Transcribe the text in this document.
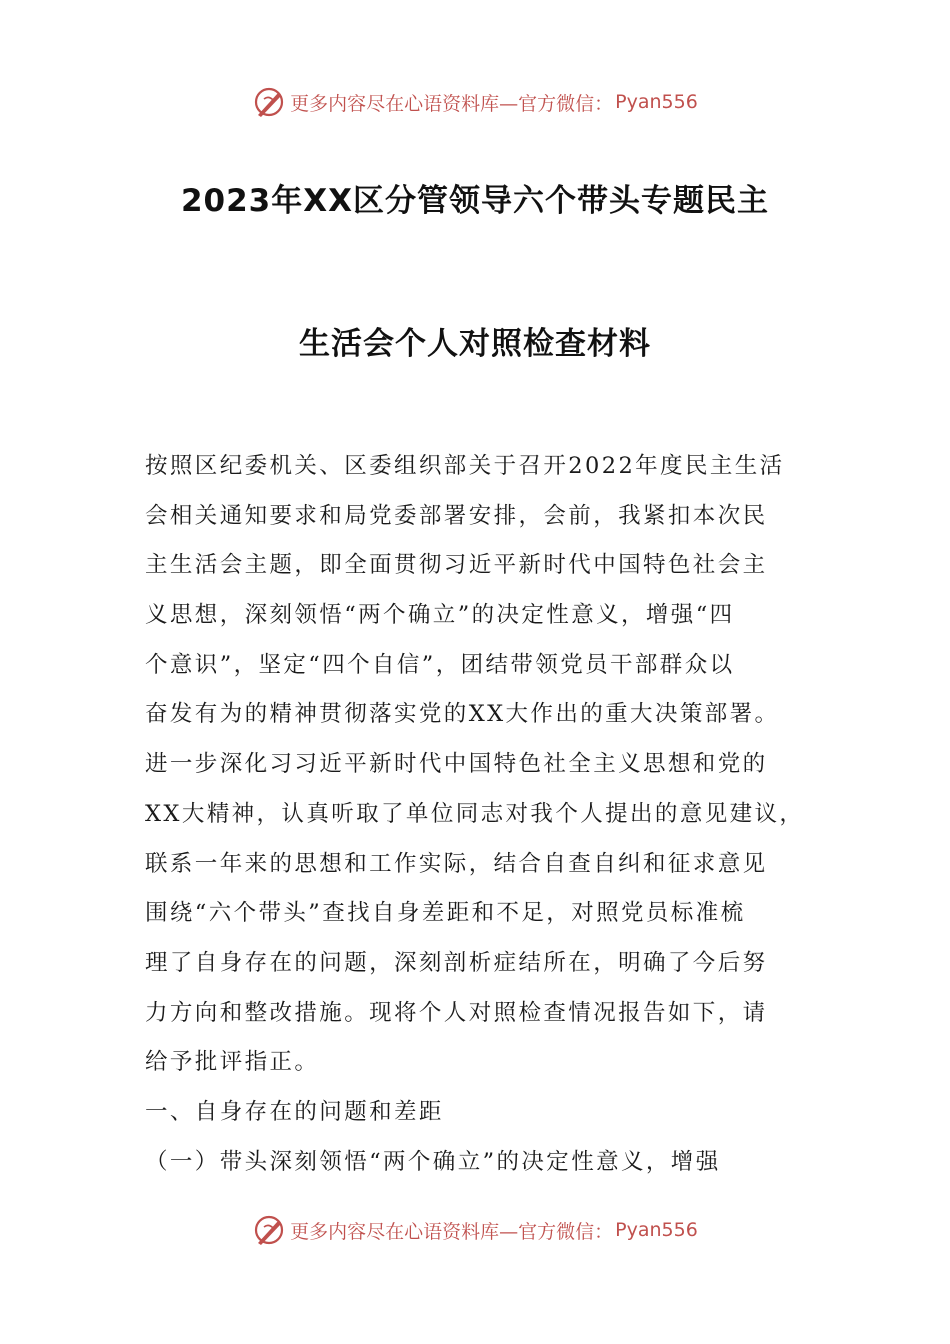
更多内容尽在心语资料库—官方微信： Pyan556
2023年XX区分管领导六个带头专题民主
生活会个人对照检查材料
按照区纪委机关、区委组织部关于召开2022年度民主生活
会相关通知要求和局党委部署安排，会前，我紧扣本次民
主生活会主题，即全面贯彻习近平新时代中国特色社会主
义思想，深刻领悟“两个确立”的决定性意义，增强“四
个意识”，坚定“四个自信”，团结带领党员干部群众以
奋发有为的精神贯彻落实党的XX大作出的重大决策部署。
进一步深化习习近平新时代中国特色社全主义思想和党的
XX大精神，认真听取了单位同志对我个人提出的意见建议，
联系一年来的思想和工作实际，结合自查自纠和征求意见
围绕“六个带头”查找自身差距和不足，对照党员标准梳
理了自身存在的问题，深刻剖析症结所在，明确了今后努
力方向和整改措施。现将个人对照检查情况报告如下，请
给予批评指正。
一、自身存在的问题和差距
（一）带头深刻领悟“两个确立”的决定性意义，增强
更多内容尽在心语资料库—官方微信： Pyan556
